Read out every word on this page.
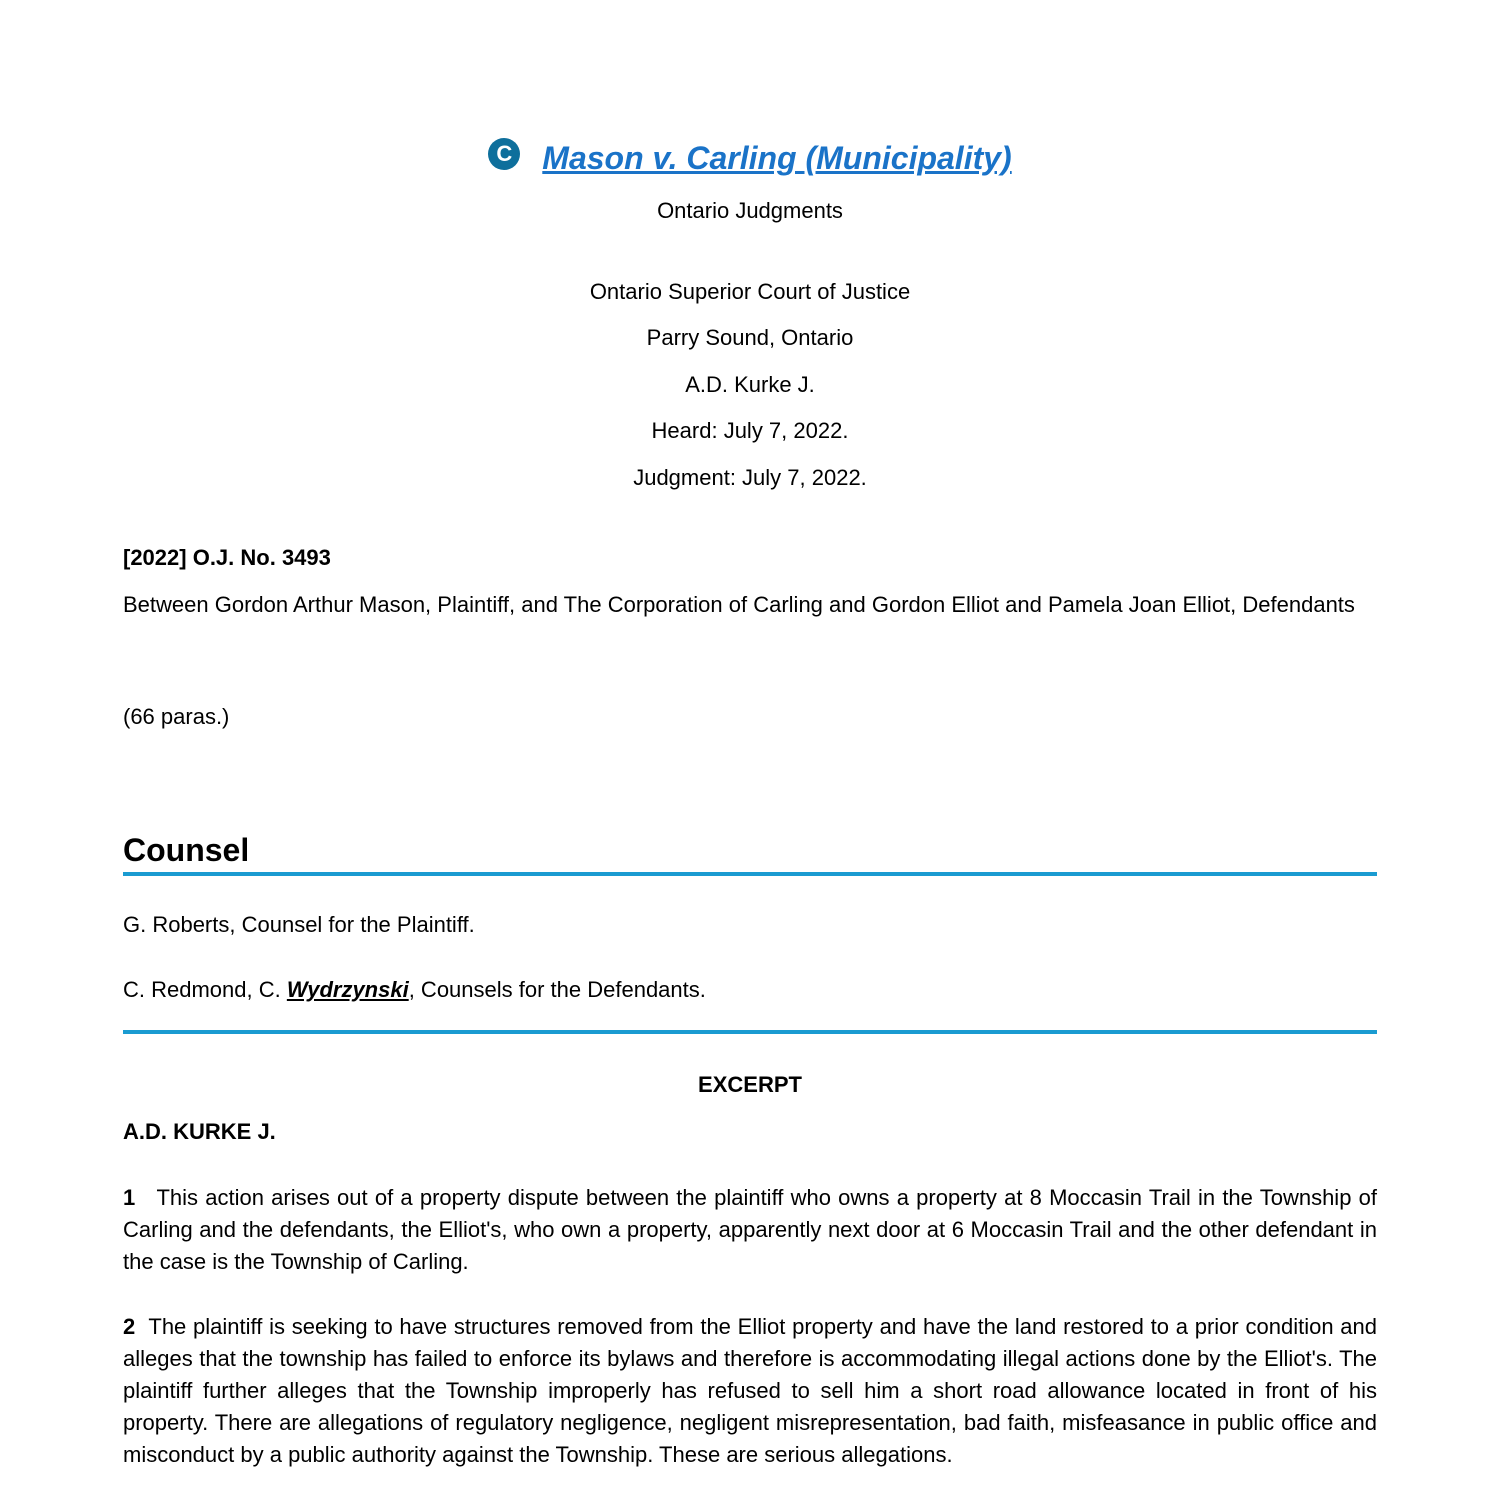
C Mason v. Carling (Municipality)
Ontario Judgments
Ontario Superior Court of Justice
Parry Sound, Ontario
A.D. Kurke J.
Heard: July 7, 2022.
Judgment: July 7, 2022.
[2022] O.J. No. 3493
Between Gordon Arthur Mason, Plaintiff, and The Corporation of Carling and Gordon Elliot and Pamela Joan Elliot, Defendants
(66 paras.)
Counsel
G. Roberts, Counsel for the Plaintiff.
C. Redmond, C. Wydrzynski, Counsels for the Defendants.
EXCERPT
A.D. KURKE J.
1 This action arises out of a property dispute between the plaintiff who owns a property at 8 Moccasin Trail in the Township of Carling and the defendants, the Elliot's, who own a property, apparently next door at 6 Moccasin Trail and the other defendant in the case is the Township of Carling.
2 The plaintiff is seeking to have structures removed from the Elliot property and have the land restored to a prior condition and alleges that the township has failed to enforce its bylaws and therefore is accommodating illegal actions done by the Elliot's. The plaintiff further alleges that the Township improperly has refused to sell him a short road allowance located in front of his property. There are allegations of regulatory negligence, negligent misrepresentation, bad faith, misfeasance in public office and misconduct by a public authority against the Township. These are serious allegations.
